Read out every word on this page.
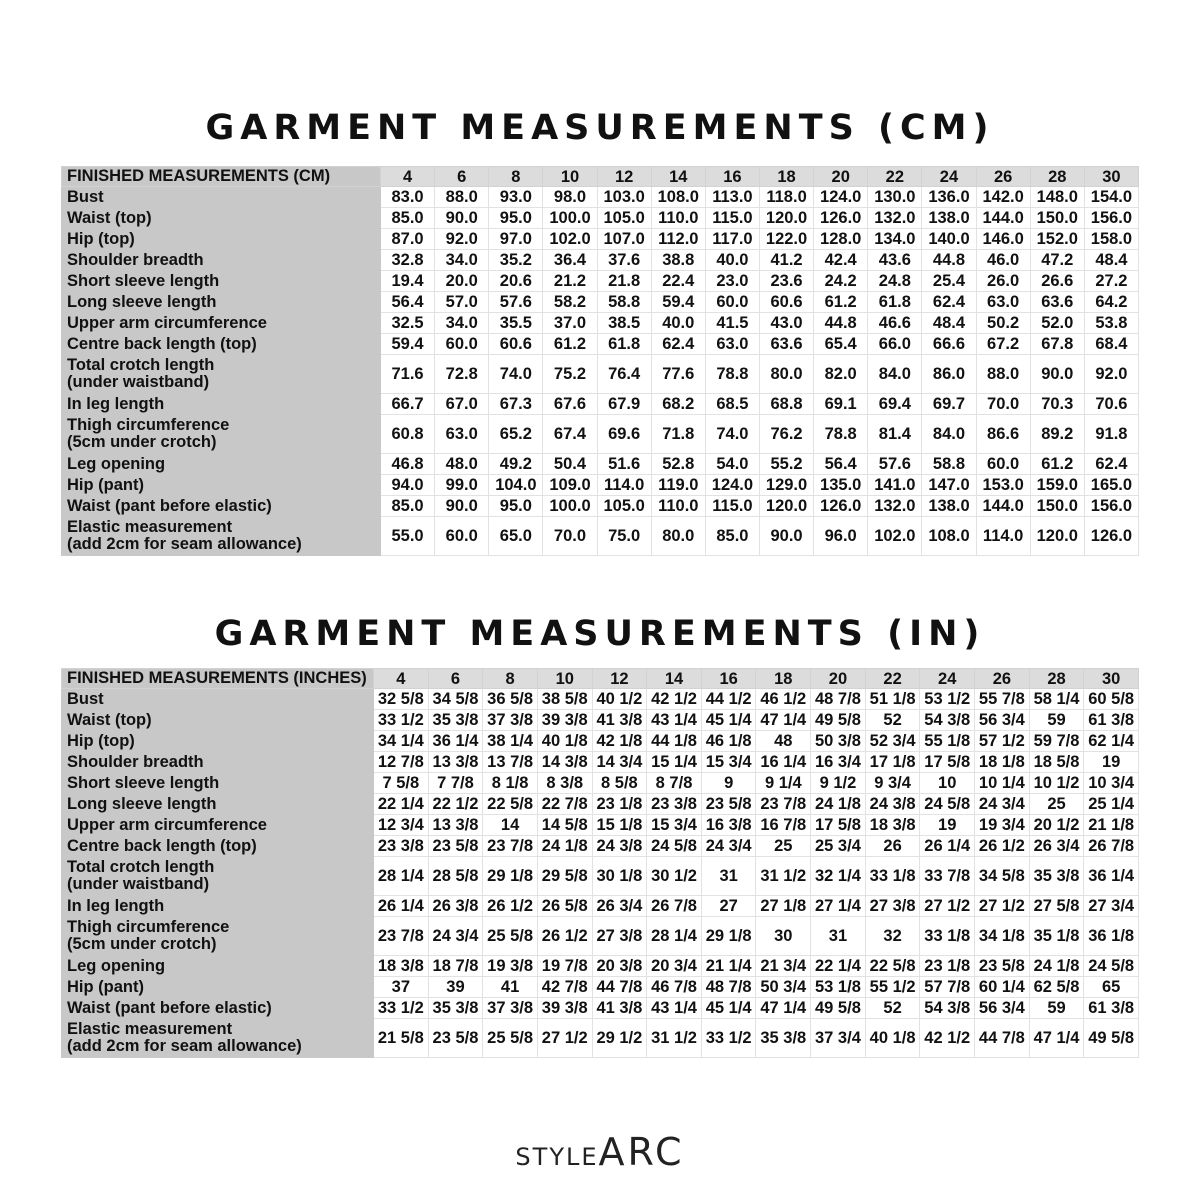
GARMENT MEASUREMENTS (CM)
FINISHED MEASUREMENTS (CM)	4	6	8	10	12	14	16	18	20	22	24	26	28	30

Bust	83.0	88.0	93.0	98.0	103.0	108.0	113.0	118.0	124.0	130.0	136.0	142.0	148.0	154.0

Waist (top)	85.0	90.0	95.0	100.0	105.0	110.0	115.0	120.0	126.0	132.0	138.0	144.0	150.0	156.0

Hip (top)	87.0	92.0	97.0	102.0	107.0	112.0	117.0	122.0	128.0	134.0	140.0	146.0	152.0	158.0

Shoulder breadth	32.8	34.0	35.2	36.4	37.6	38.8	40.0	41.2	42.4	43.6	44.8	46.0	47.2	48.4

Short sleeve length	19.4	20.0	20.6	21.2	21.8	22.4	23.0	23.6	24.2	24.8	25.4	26.0	26.6	27.2

Long sleeve length	56.4	57.0	57.6	58.2	58.8	59.4	60.0	60.6	61.2	61.8	62.4	63.0	63.6	64.2

Upper arm circumference	32.5	34.0	35.5	37.0	38.5	40.0	41.5	43.0	44.8	46.6	48.4	50.2	52.0	53.8

Centre back length (top)	59.4	60.0	60.6	61.2	61.8	62.4	63.0	63.6	65.4	66.0	66.6	67.2	67.8	68.4

Total crotch length
(under waistband)	71.6	72.8	74.0	75.2	76.4	77.6	78.8	80.0	82.0	84.0	86.0	88.0	90.0	92.0

In leg length	66.7	67.0	67.3	67.6	67.9	68.2	68.5	68.8	69.1	69.4	69.7	70.0	70.3	70.6

Thigh circumference
(5cm under crotch)	60.8	63.0	65.2	67.4	69.6	71.8	74.0	76.2	78.8	81.4	84.0	86.6	89.2	91.8

Leg opening	46.8	48.0	49.2	50.4	51.6	52.8	54.0	55.2	56.4	57.6	58.8	60.0	61.2	62.4

Hip (pant)	94.0	99.0	104.0	109.0	114.0	119.0	124.0	129.0	135.0	141.0	147.0	153.0	159.0	165.0

Waist (pant before elastic)	85.0	90.0	95.0	100.0	105.0	110.0	115.0	120.0	126.0	132.0	138.0	144.0	150.0	156.0

Elastic measurement
(add 2cm for seam allowance)	55.0	60.0	65.0	70.0	75.0	80.0	85.0	90.0	96.0	102.0	108.0	114.0	120.0	126.0
GARMENT MEASUREMENTS (IN)
FINISHED MEASUREMENTS (INCHES)	4	6	8	10	12	14	16	18	20	22	24	26	28	30

Bust	32 5/8	34 5/8	36 5/8	38 5/8	40 1/2	42 1/2	44 1/2	46 1/2	48 7/8	51 1/8	53 1/2	55 7/8	58 1/4	60 5/8

Waist (top)	33 1/2	35 3/8	37 3/8	39 3/8	41 3/8	43 1/4	45 1/4	47 1/4	49 5/8	52	54 3/8	56 3/4	59	61 3/8

Hip (top)	34 1/4	36 1/4	38 1/4	40 1/8	42 1/8	44 1/8	46 1/8	48	50 3/8	52 3/4	55 1/8	57 1/2	59 7/8	62 1/4

Shoulder breadth	12 7/8	13 3/8	13 7/8	14 3/8	14 3/4	15 1/4	15 3/4	16 1/4	16 3/4	17 1/8	17 5/8	18 1/8	18 5/8	19

Short sleeve length	7 5/8	7 7/8	8 1/8	8 3/8	8 5/8	8 7/8	9	9 1/4	9 1/2	9 3/4	10	10 1/4	10 1/2	10 3/4

Long sleeve length	22 1/4	22 1/2	22 5/8	22 7/8	23 1/8	23 3/8	23 5/8	23 7/8	24 1/8	24 3/8	24 5/8	24 3/4	25	25 1/4

Upper arm circumference	12 3/4	13 3/8	14	14 5/8	15 1/8	15 3/4	16 3/8	16 7/8	17 5/8	18 3/8	19	19 3/4	20 1/2	21 1/8

Centre back length (top)	23 3/8	23 5/8	23 7/8	24 1/8	24 3/8	24 5/8	24 3/4	25	25 3/4	26	26 1/4	26 1/2	26 3/4	26 7/8

Total crotch length
(under waistband)	28 1/4	28 5/8	29 1/8	29 5/8	30 1/8	30 1/2	31	31 1/2	32 1/4	33 1/8	33 7/8	34 5/8	35 3/8	36 1/4

In leg length	26 1/4	26 3/8	26 1/2	26 5/8	26 3/4	26 7/8	27	27 1/8	27 1/4	27 3/8	27 1/2	27 1/2	27 5/8	27 3/4

Thigh circumference
(5cm under crotch)	23 7/8	24 3/4	25 5/8	26 1/2	27 3/8	28 1/4	29 1/8	30	31	32	33 1/8	34 1/8	35 1/8	36 1/8

Leg opening	18 3/8	18 7/8	19 3/8	19 7/8	20 3/8	20 3/4	21 1/4	21 3/4	22 1/4	22 5/8	23 1/8	23 5/8	24 1/8	24 5/8

Hip (pant)	37	39	41	42 7/8	44 7/8	46 7/8	48 7/8	50 3/4	53 1/8	55 1/2	57 7/8	60 1/4	62 5/8	65

Waist (pant before elastic)	33 1/2	35 3/8	37 3/8	39 3/8	41 3/8	43 1/4	45 1/4	47 1/4	49 5/8	52	54 3/8	56 3/4	59	61 3/8

Elastic measurement
(add 2cm for seam allowance)	21 5/8	23 5/8	25 5/8	27 1/2	29 1/2	31 1/2	33 1/2	35 3/8	37 3/4	40 1/8	42 1/2	44 7/8	47 1/4	49 5/8
STYLEARC
